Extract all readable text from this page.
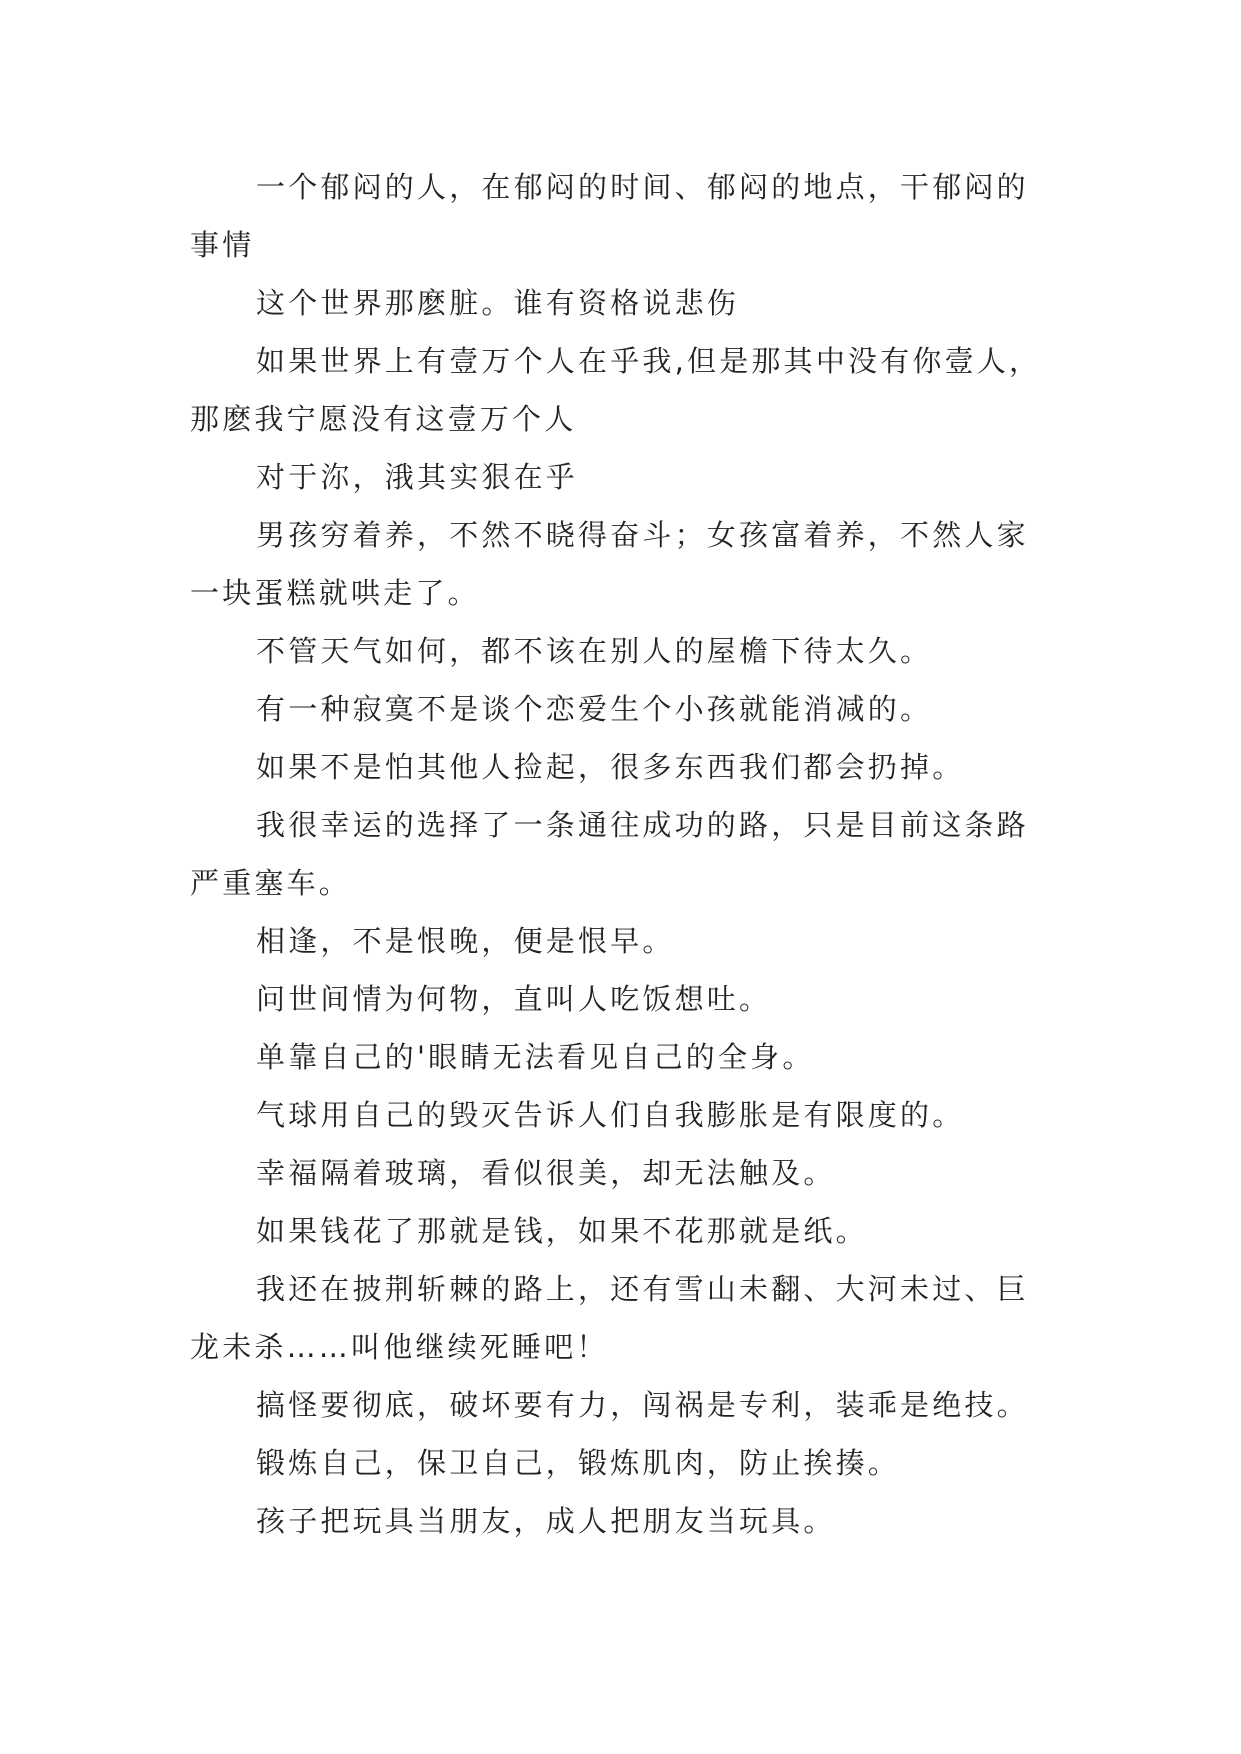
一个郁闷的人，在郁闷的时间、郁闷的地点，干郁闷的事情

这个世界那麽脏。谁有资格说悲伤

如果世界上有壹万个人在乎我,但是那其中没有你壹人，那麽我宁愿没有这壹万个人

对于沵，涐其实狠在乎

男孩穷着养，不然不晓得奋斗；女孩富着养，不然人家一块蛋糕就哄走了。

不管天气如何，都不该在别人的屋檐下待太久。

有一种寂寞不是谈个恋爱生个小孩就能消减的。

如果不是怕其他人捡起，很多东西我们都会扔掉。

我很幸运的选择了一条通往成功的路，只是目前这条路严重塞车。

相逢，不是恨晚，便是恨早。

问世间情为何物，直叫人吃饭想吐。

单靠自己的'眼睛无法看见自己的全身。

气球用自己的毁灭告诉人们自我膨胀是有限度的。

幸福隔着玻璃，看似很美，却无法触及。

如果钱花了那就是钱，如果不花那就是纸。

我还在披荆斩棘的路上，还有雪山未翻、大河未过、巨龙未杀……叫他继续死睡吧！

搞怪要彻底，破坏要有力，闯祸是专利，装乖是绝技。

锻炼自己，保卫自己，锻炼肌肉，防止挨揍。

孩子把玩具当朋友，成人把朋友当玩具。
